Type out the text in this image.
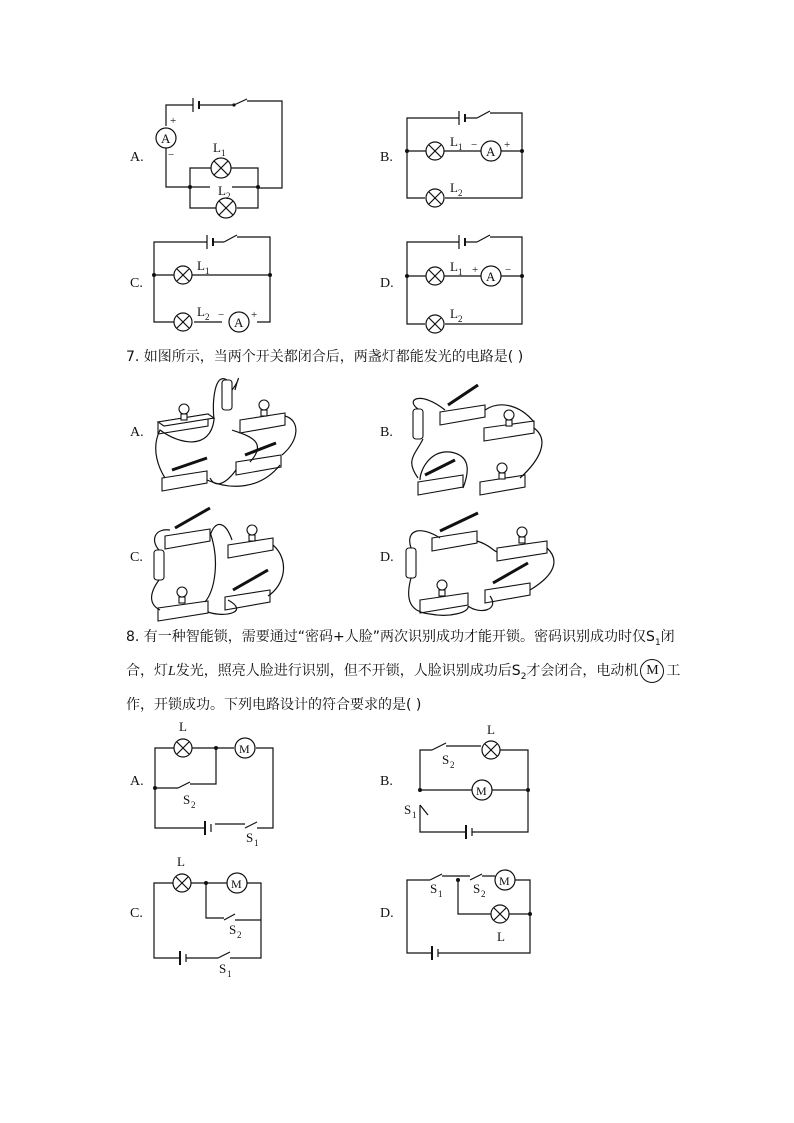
A.
A
+
−	L 1
L 2
B.	A
− +
L 1
L 2
C.
A
− +
L 1
L 2
D.	A
+ −
L 1
L 2
7. 如图所示，当两个开关都闭合后，两盏灯都能发光的电路是( )
A.	B.
C.	D.
8. 有一种智能锁，需要通过“密码+人脸”两次识别成功才能开锁。密码识别成功时仅$S_1$闭
合，灯L发光，照亮人脸进行识别，但不开锁，人脸识别成功后$S_2$才会闭合，电动机 M 工
作，开锁成功。下列电路设计的符合要求的是( )
A.	B.
C.	D.
M
L
S 2
S 1
M
L
S 2
S 1
M
L
S 2
S 1
M
S 1 S 2
L
